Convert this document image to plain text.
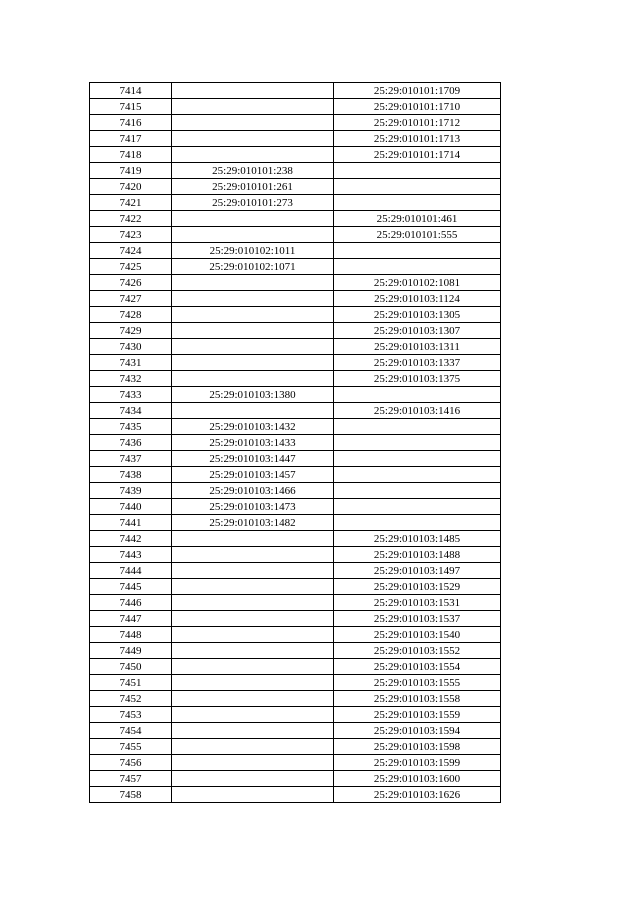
7414		25:29:010101:1709
7415		25:29:010101:1710
7416		25:29:010101:1712
7417		25:29:010101:1713
7418		25:29:010101:1714
7419	25:29:010101:238	
7420	25:29:010101:261	
7421	25:29:010101:273	
7422		25:29:010101:461
7423		25:29:010101:555
7424	25:29:010102:1011	
7425	25:29:010102:1071	
7426		25:29:010102:1081
7427		25:29:010103:1124
7428		25:29:010103:1305
7429		25:29:010103:1307
7430		25:29:010103:1311
7431		25:29:010103:1337
7432		25:29:010103:1375
7433	25:29:010103:1380	
7434		25:29:010103:1416
7435	25:29:010103:1432	
7436	25:29:010103:1433	
7437	25:29:010103:1447	
7438	25:29:010103:1457	
7439	25:29:010103:1466	
7440	25:29:010103:1473	
7441	25:29:010103:1482	
7442		25:29:010103:1485
7443		25:29:010103:1488
7444		25:29:010103:1497
7445		25:29:010103:1529
7446		25:29:010103:1531
7447		25:29:010103:1537
7448		25:29:010103:1540
7449		25:29:010103:1552
7450		25:29:010103:1554
7451		25:29:010103:1555
7452		25:29:010103:1558
7453		25:29:010103:1559
7454		25:29:010103:1594
7455		25:29:010103:1598
7456		25:29:010103:1599
7457		25:29:010103:1600
7458		25:29:010103:1626
